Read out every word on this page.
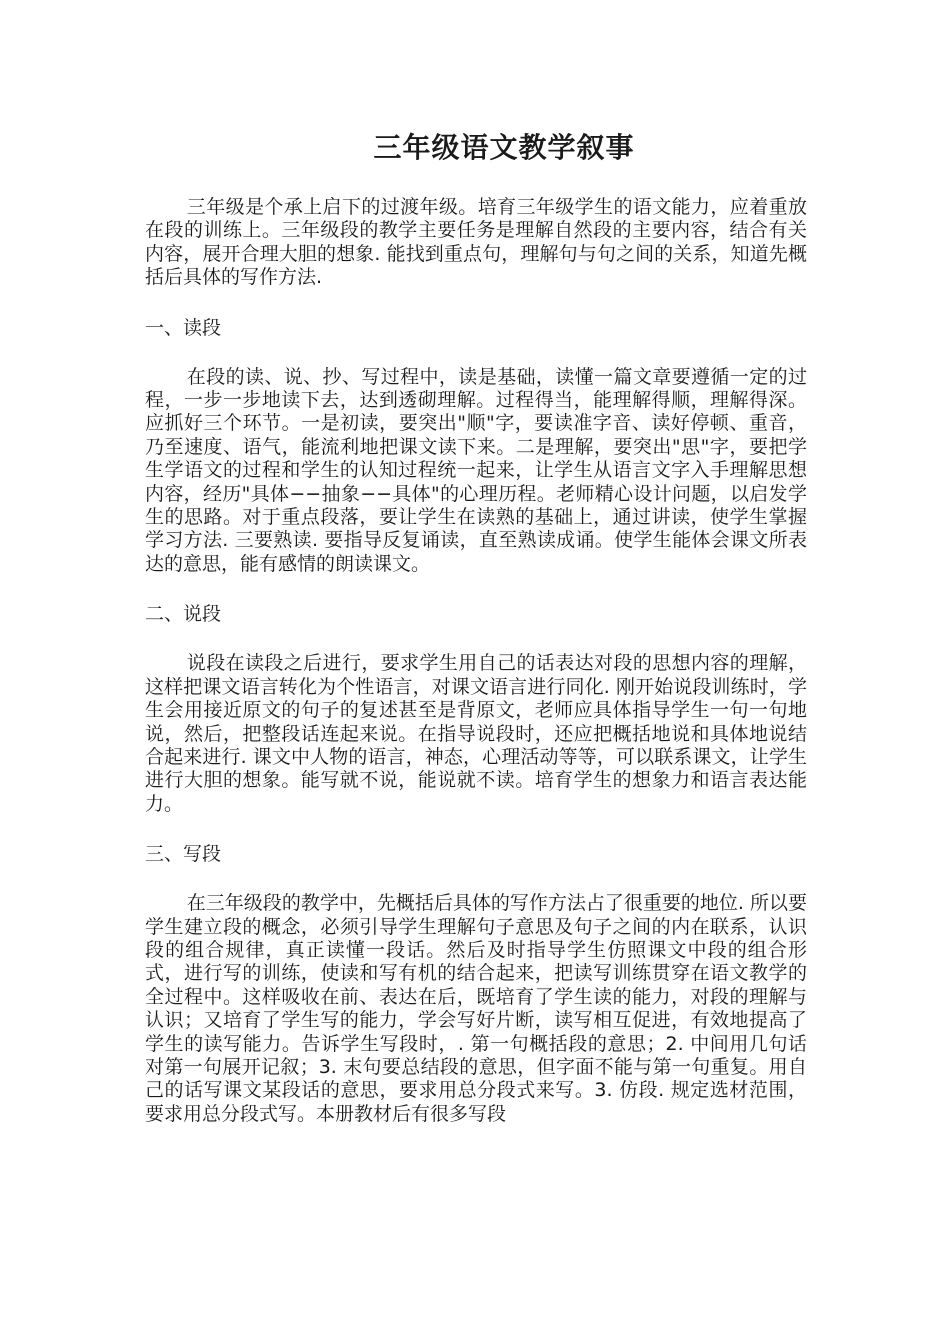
三年级语文教学叙事

三年级是个承上启下的过渡年级。培育三年级学生的语文能力，应着重放在段的训练上。三年级段的教学主要任务是理解自然段的主要内容，结合有关内容，展开合理大胆的想象. 能找到重点句，理解句与句之间的关系，知道先概括后具体的写作方法.

一、读段

在段的读、说、抄、写过程中，读是基础，读懂一篇文章要遵循一定的过程，一步一步地读下去，达到透砌理解。过程得当，能理解得顺，理解得深。应抓好三个环节。一是初读，要突出"顺"字，要读准字音、读好停顿、重音，乃至速度、语气，能流利地把课文读下来。二是理解，要突出"思"字，要把学生学语文的过程和学生的认知过程统一起来，让学生从语言文字入手理解思想内容，经历"具体−−抽象−−具体"的心理历程。老师精心设计问题，以启发学生的思路。对于重点段落，要让学生在读熟的基础上，通过讲读，使学生掌握学习方法. 三要熟读. 要指导反复诵读，直至熟读成诵。使学生能体会课文所表达的意思，能有感情的朗读课文。

二、说段

说段在读段之后进行，要求学生用自己的话表达对段的思想内容的理解，这样把课文语言转化为个性语言，对课文语言进行同化. 刚开始说段训练时，学生会用接近原文的句子的复述甚至是背原文，老师应具体指导学生一句一句地说，然后，把整段话连起来说。在指导说段时，还应把概括地说和具体地说结合起来进行. 课文中人物的语言，神态，心理活动等等，可以联系课文，让学生进行大胆的想象。能写就不说，能说就不读。培育学生的想象力和语言表达能力。

三、写段

在三年级段的教学中，先概括后具体的写作方法占了很重要的地位. 所以要学生建立段的概念，必须引导学生理解句子意思及句子之间的内在联系，认识段的组合规律，真正读懂一段话。然后及时指导学生仿照课文中段的组合形式，进行写的训练，使读和写有机的结合起来，把读写训练贯穿在语文教学的全过程中。这样吸收在前、表达在后，既培育了学生读的能力，对段的理解与认识；又培育了学生写的能力，学会写好片断，读写相互促进，有效地提高了学生的读写能力。告诉学生写段时，. 第一句概括段的意思；2. 中间用几句话对第一句展开记叙；3. 末句要总结段的意思，但字面不能与第一句重复。用自己的话写课文某段话的意思，要求用总分段式来写。3. 仿段. 规定选材范围，要求用总分段式写。本册教材后有很多写段
